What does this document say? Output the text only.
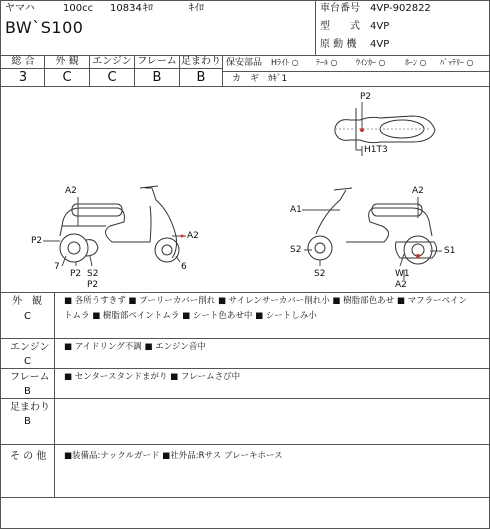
ヤマハ	100cc 10834 ｷﾛ	ｷｲﾛ
BW`S100
車台番号 4VP-902822
型　　式 4VP
原 動 機 4VP
総 合	外 観	エンジン フレーム 足まわり
3	C	C	B	B
保安部品 Hﾗｲﾄ ○ ﾃｰﾙ ○ ｳｲﾝｶｰ ○ ﾎｰﾝ ○ ﾊﾞｯﾃﾘｰ ○
カ　ギ ｶｷﾞ1
P2
H1T3
A2
A2
P2
7
P2 S2
P2
6
A1
A2
S2	S1
S2	W1
A2
外　観
C
■ 各所うすきず ■ プーリーカバー削れ ■ サイレンサーカバー削れ小 ■ 樹脂部色あせ ■ マフラーペイン
トムラ ■ 樹脂部ペイントムラ ■ シート色あせ中 ■ シートしみ小
エンジン
C
■ アイドリング不調 ■ エンジン音中
フレーム
B
■ センタースタンドまがり ■ フレームさび中
足まわり
B
そ の 他 ■装備品:ナックルガード ■社外品:Rサス ブレーキホース
